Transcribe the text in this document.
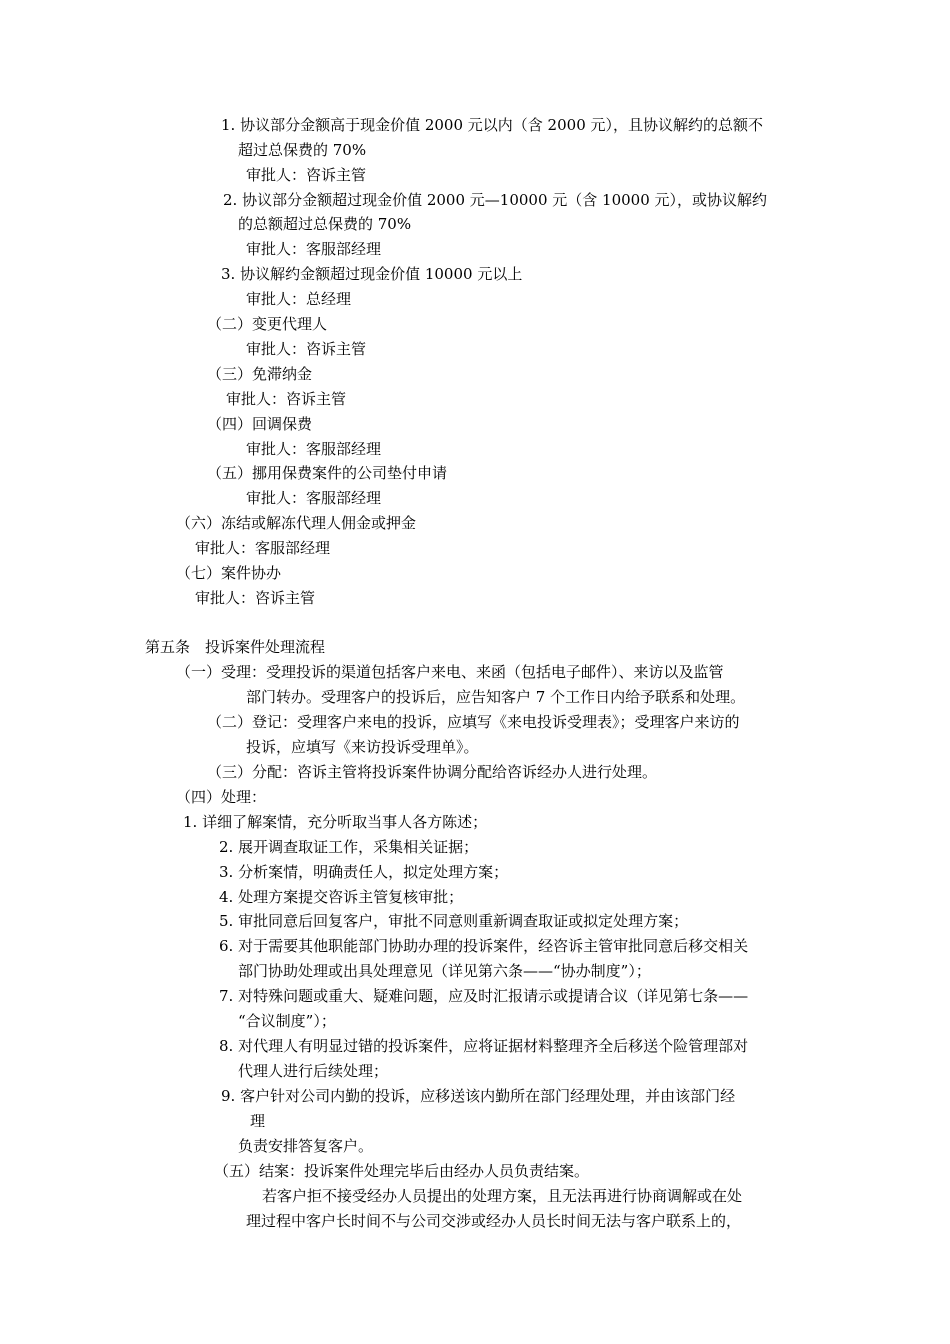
1. 协议部分金额高于现金价值 2000 元以内（含 2000 元），且协议解约的总额不
超过总保费的 70%
审批人：咨诉主管
2. 协议部分金额超过现金价值 2000 元—10000 元（含 10000 元），或协议解约
的总额超过总保费的 70%
审批人：客服部经理
3. 协议解约金额超过现金价值 10000 元以上
审批人：总经理
（二）变更代理人
审批人：咨诉主管
（三）免滞纳金
审批人：咨诉主管
（四）回调保费
审批人：客服部经理
（五）挪用保费案件的公司垫付申请
审批人：客服部经理
（六）冻结或解冻代理人佣金或押金
审批人：客服部经理
（七）案件协办
审批人：咨诉主管
第五条　投诉案件处理流程
（一）受理：受理投诉的渠道包括客户来电、来函（包括电子邮件）、来访以及监管
部门转办。受理客户的投诉后，应告知客户 7 个工作日内给予联系和处理。
（二）登记：受理客户来电的投诉，应填写《来电投诉受理表》；受理客户来访的
投诉，应填写《来访投诉受理单》。
（三）分配：咨诉主管将投诉案件协调分配给咨诉经办人进行处理。
（四）处理：
1. 详细了解案情，充分听取当事人各方陈述；
2. 展开调查取证工作，采集相关证据；
3. 分析案情，明确责任人，拟定处理方案；
4. 处理方案提交咨诉主管复核审批；
5. 审批同意后回复客户，审批不同意则重新调查取证或拟定处理方案；
6. 对于需要其他职能部门协助办理的投诉案件，经咨诉主管审批同意后移交相关
部门协助处理或出具处理意见（详见第六条——“协办制度”）；
7. 对特殊问题或重大、疑难问题，应及时汇报请示或提请合议（详见第七条——
“合议制度”）；
8. 对代理人有明显过错的投诉案件，应将证据材料整理齐全后移送个险管理部对
代理人进行后续处理；
9. 客户针对公司内勤的投诉，应移送该内勤所在部门经理处理，并由该部门经
理
负责安排答复客户。
（五）结案：投诉案件处理完毕后由经办人员负责结案。
若客户拒不接受经办人员提出的处理方案，且无法再进行协商调解或在处
理过程中客户长时间不与公司交涉或经办人员长时间无法与客户联系上的，
